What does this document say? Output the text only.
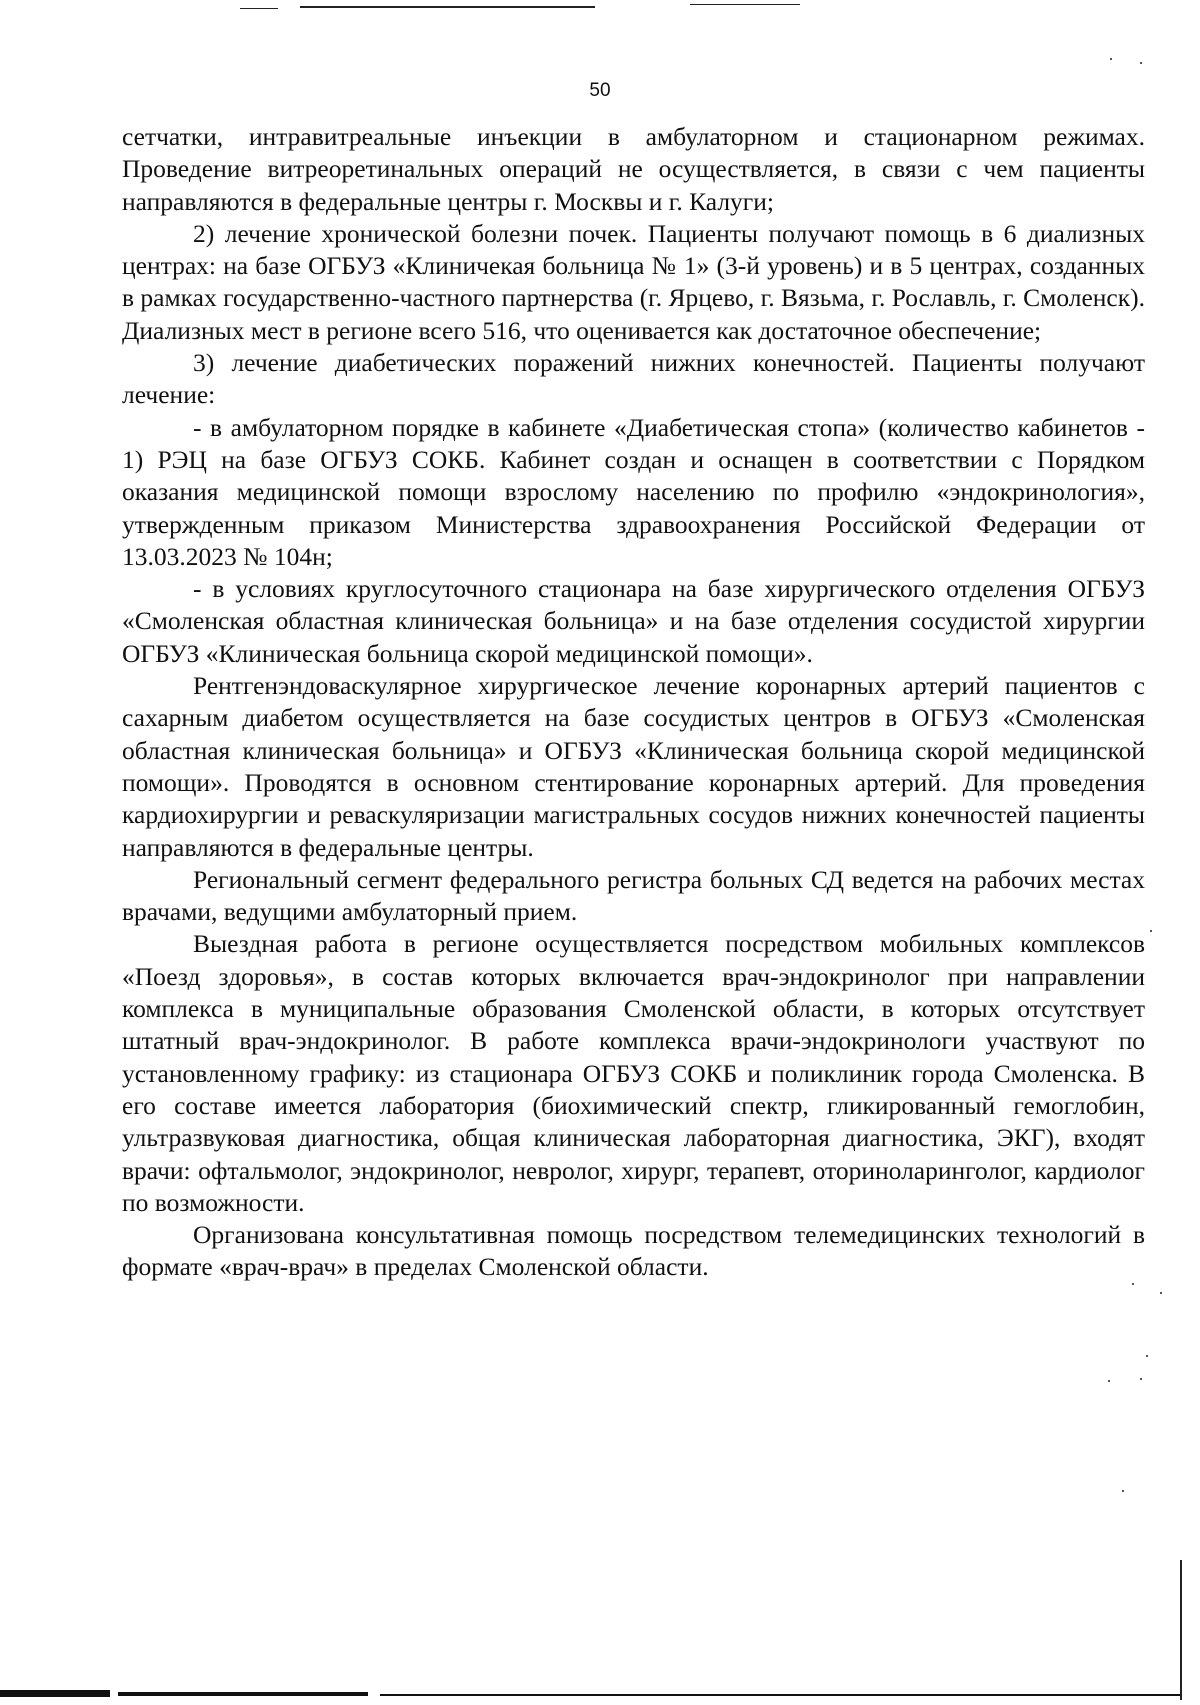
50

сетчатки, интравитреальные инъекции в амбулаторном и стационарном режимах. Проведение витреоретинальных операций не осуществляется, в связи с чем пациенты направляются в федеральные центры г. Москвы и г. Калуги;

2) лечение хронической болезни почек. Пациенты получают помощь в 6 диализных центрах: на базе ОГБУЗ «Клиничекая больница № 1» (3-й уровень) и в 5 центрах, созданных в рамках государственно-частного партнерства (г. Ярцево, г. Вязьма, г. Рославль, г. Смоленск). Диализных мест в регионе всего 516, что оценивается как достаточное обеспечение;

3) лечение диабетических поражений нижних конечностей. Пациенты получают лечение:

- в амбулаторном порядке в кабинете «Диабетическая стопа» (количество кабинетов - 1) РЭЦ на базе ОГБУЗ СОКБ. Кабинет создан и оснащен в соответствии с Порядком оказания медицинской помощи взрослому населению по профилю «эндокринология», утвержденным приказом Министерства здравоохранения Российской Федерации от 13.03.2023 № 104н;

- в условиях круглосуточного стационара на базе хирургического отделения ОГБУЗ «Смоленская областная клиническая больница» и на базе отделения сосудистой хирургии ОГБУЗ «Клиническая больница скорой медицинской помощи».

Рентгенэндоваскулярное хирургическое лечение коронарных артерий пациентов с сахарным диабетом осуществляется на базе сосудистых центров в ОГБУЗ «Смоленская областная клиническая больница» и ОГБУЗ «Клиническая больница скорой медицинской помощи». Проводятся в основном стентирование коронарных артерий. Для проведения кардиохирургии и реваскуляризации магистральных сосудов нижних конечностей пациенты направляются в федеральные центры.

Региональный сегмент федерального регистра больных СД ведется на рабочих местах врачами, ведущими амбулаторный прием.

Выездная работа в регионе осуществляется посредством мобильных комплексов «Поезд здоровья», в состав которых включается врач-эндокринолог при направлении комплекса в муниципальные образования Смоленской области, в которых отсутствует штатный врач-эндокринолог. В работе комплекса врачи-эндокринологи участвуют по установленному графику: из стационара ОГБУЗ СОКБ и поликлиник города Смоленска. В его составе имеется лаборатория (биохимический спектр, гликированный гемоглобин, ультразвуковая диагностика, общая клиническая лабораторная диагностика, ЭКГ), входят врачи: офтальмолог, эндокринолог, невролог, хирург, терапевт, оториноларинголог, кардиолог по возможности.

Организована консультативная помощь посредством телемедицинских технологий в формате «врач-врач» в пределах Смоленской области.
